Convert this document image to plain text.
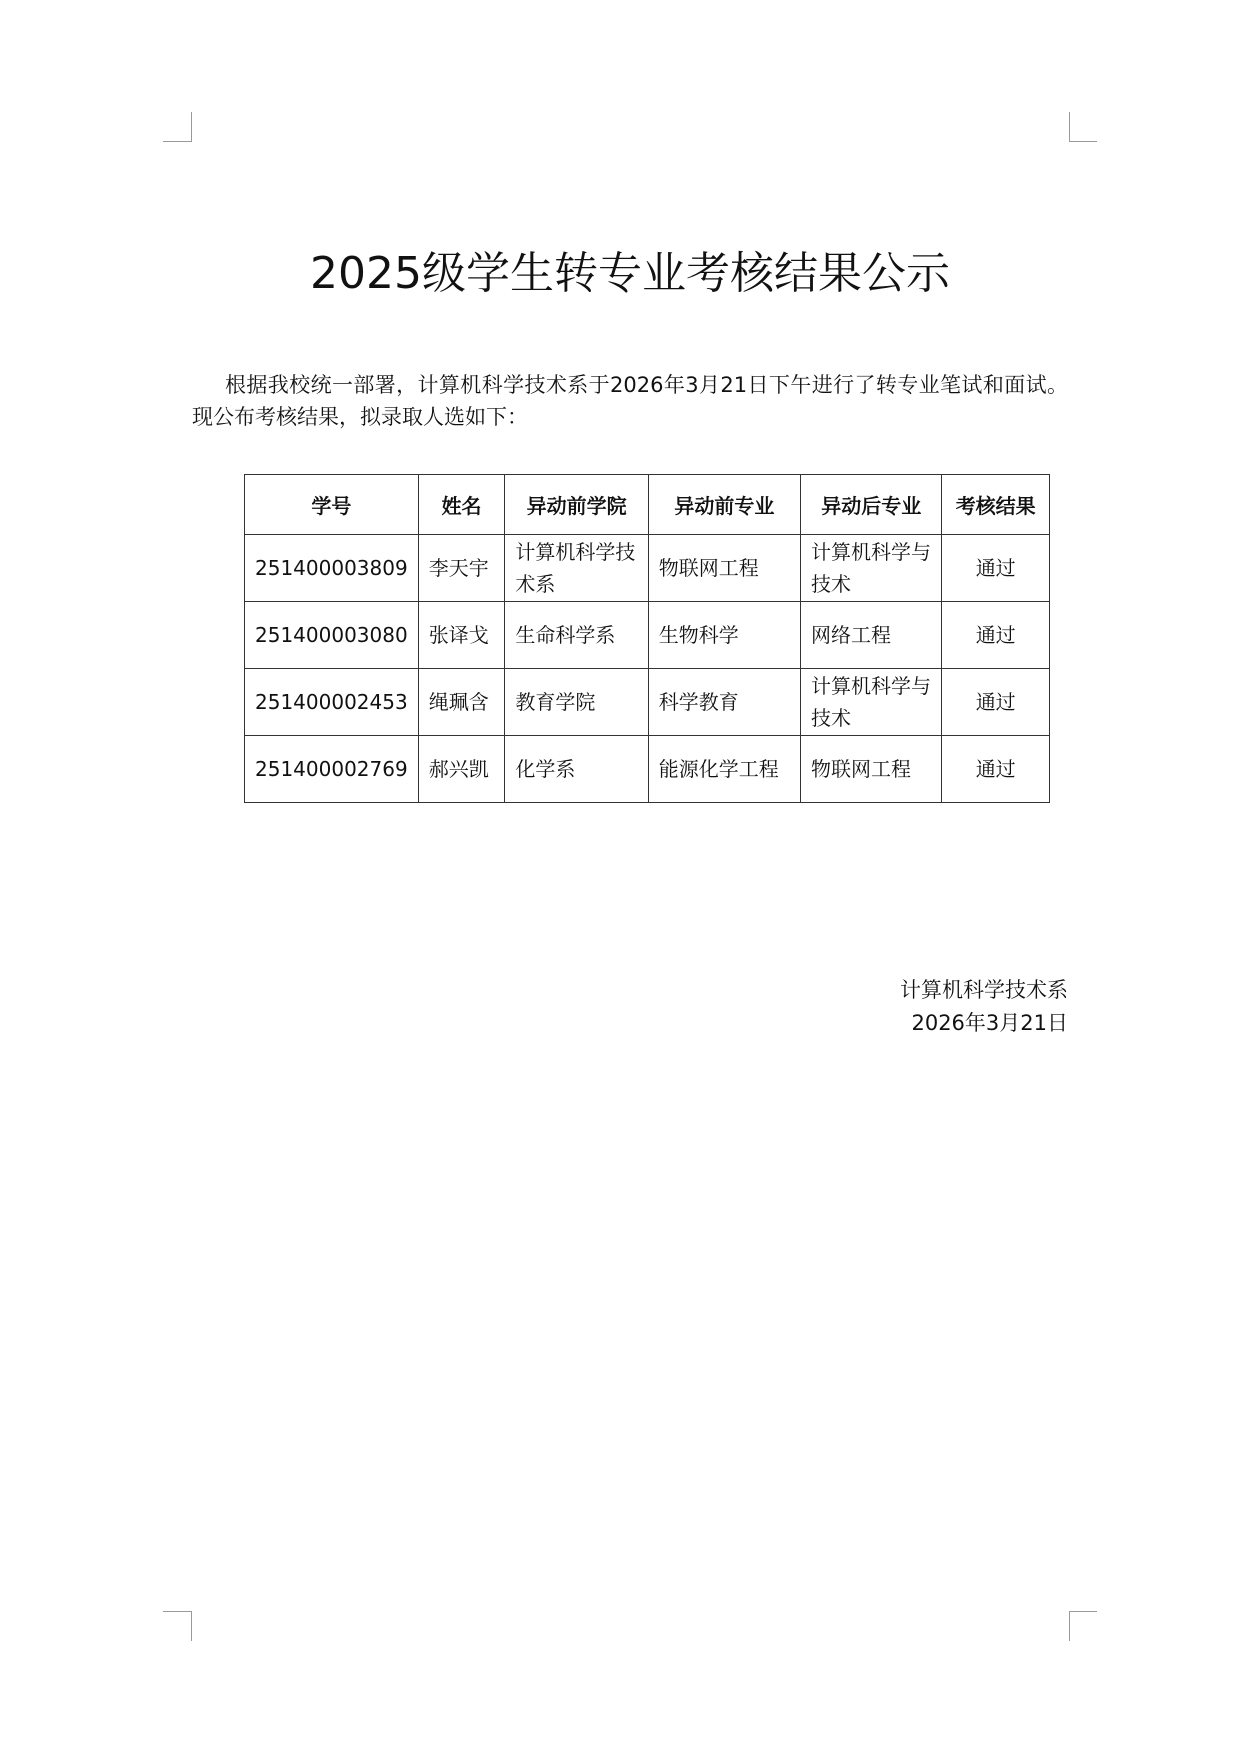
2025级学生转专业考核结果公示

根据我校统一部署，计算机科学技术系于2026年3月21日下午进行了转专业笔试和面试。现公布考核结果，拟录取人选如下：

学号	姓名	异动前学院	异动前专业	异动后专业	考核结果
251400003809	李天宇	计算机科学技术系	物联网工程	计算机科学与技术	通过
251400003080	张译戈	生命科学系	生物科学	网络工程	通过
251400002453	绳珮含	教育学院	科学教育	计算机科学与技术	通过
251400002769	郝兴凯	化学系	能源化学工程	物联网工程	通过
计算机科学技术系
2026年3月21日
